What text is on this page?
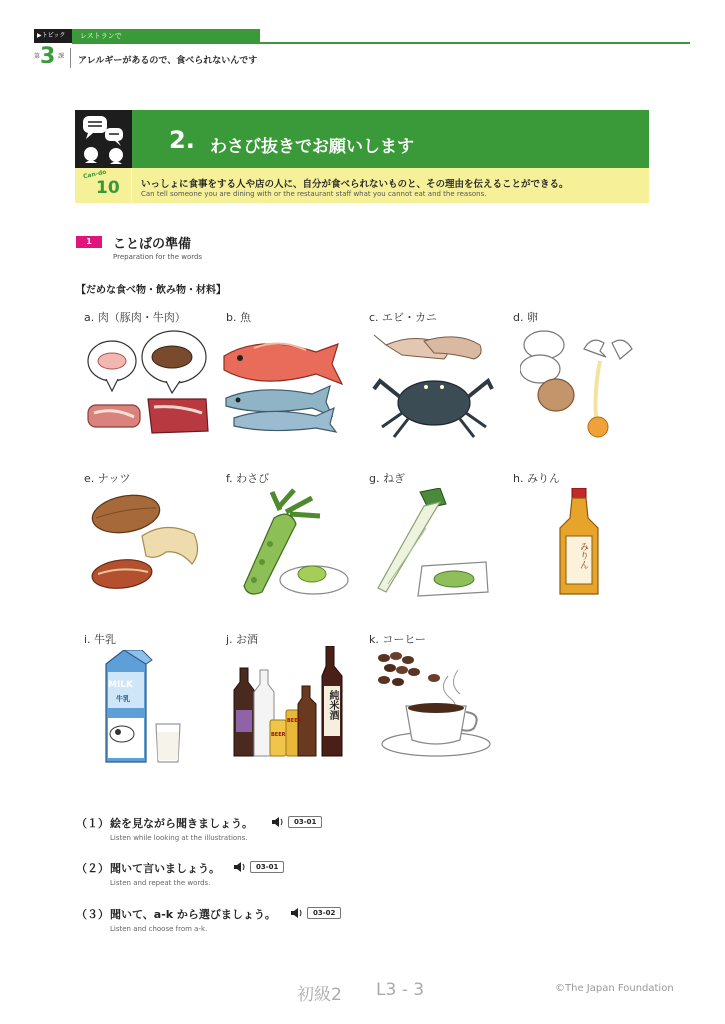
▶トピック	レストランで
第 3 課 アレルギーがあるので、食べられないんです
2. わさび抜きでお願いします
Can-do
10 いっしょに食事をする人や店の人に、自分が食べられないものと、その理由を伝えることができる。
Can tell someone you are dining with or the restaurant staff what you cannot eat and the reasons.
1	ことばの準備
Preparation for the words
【だめな食べ物・飲み物・材料】
a. 肉（豚肉・牛肉）	b. 魚	c. エビ・カニ	d. 卵
e. ナッツ	f. わさび	g. ねぎ	h. みりん
i. 牛乳	j. お酒	k. コーヒー
みりん
MILK
牛乳
BEER
BEER
純米酒
（１） 絵を見ながら聞きましょう。	03-01
Listen while looking at the illustrations.
（２） 聞いて言いましょう。	03-01
Listen and repeat the words.
（３） 聞いて、a-k から選びましょう。	03-02
Listen and choose from a-k.
初級2 L3 - 3	©The Japan Foundation
